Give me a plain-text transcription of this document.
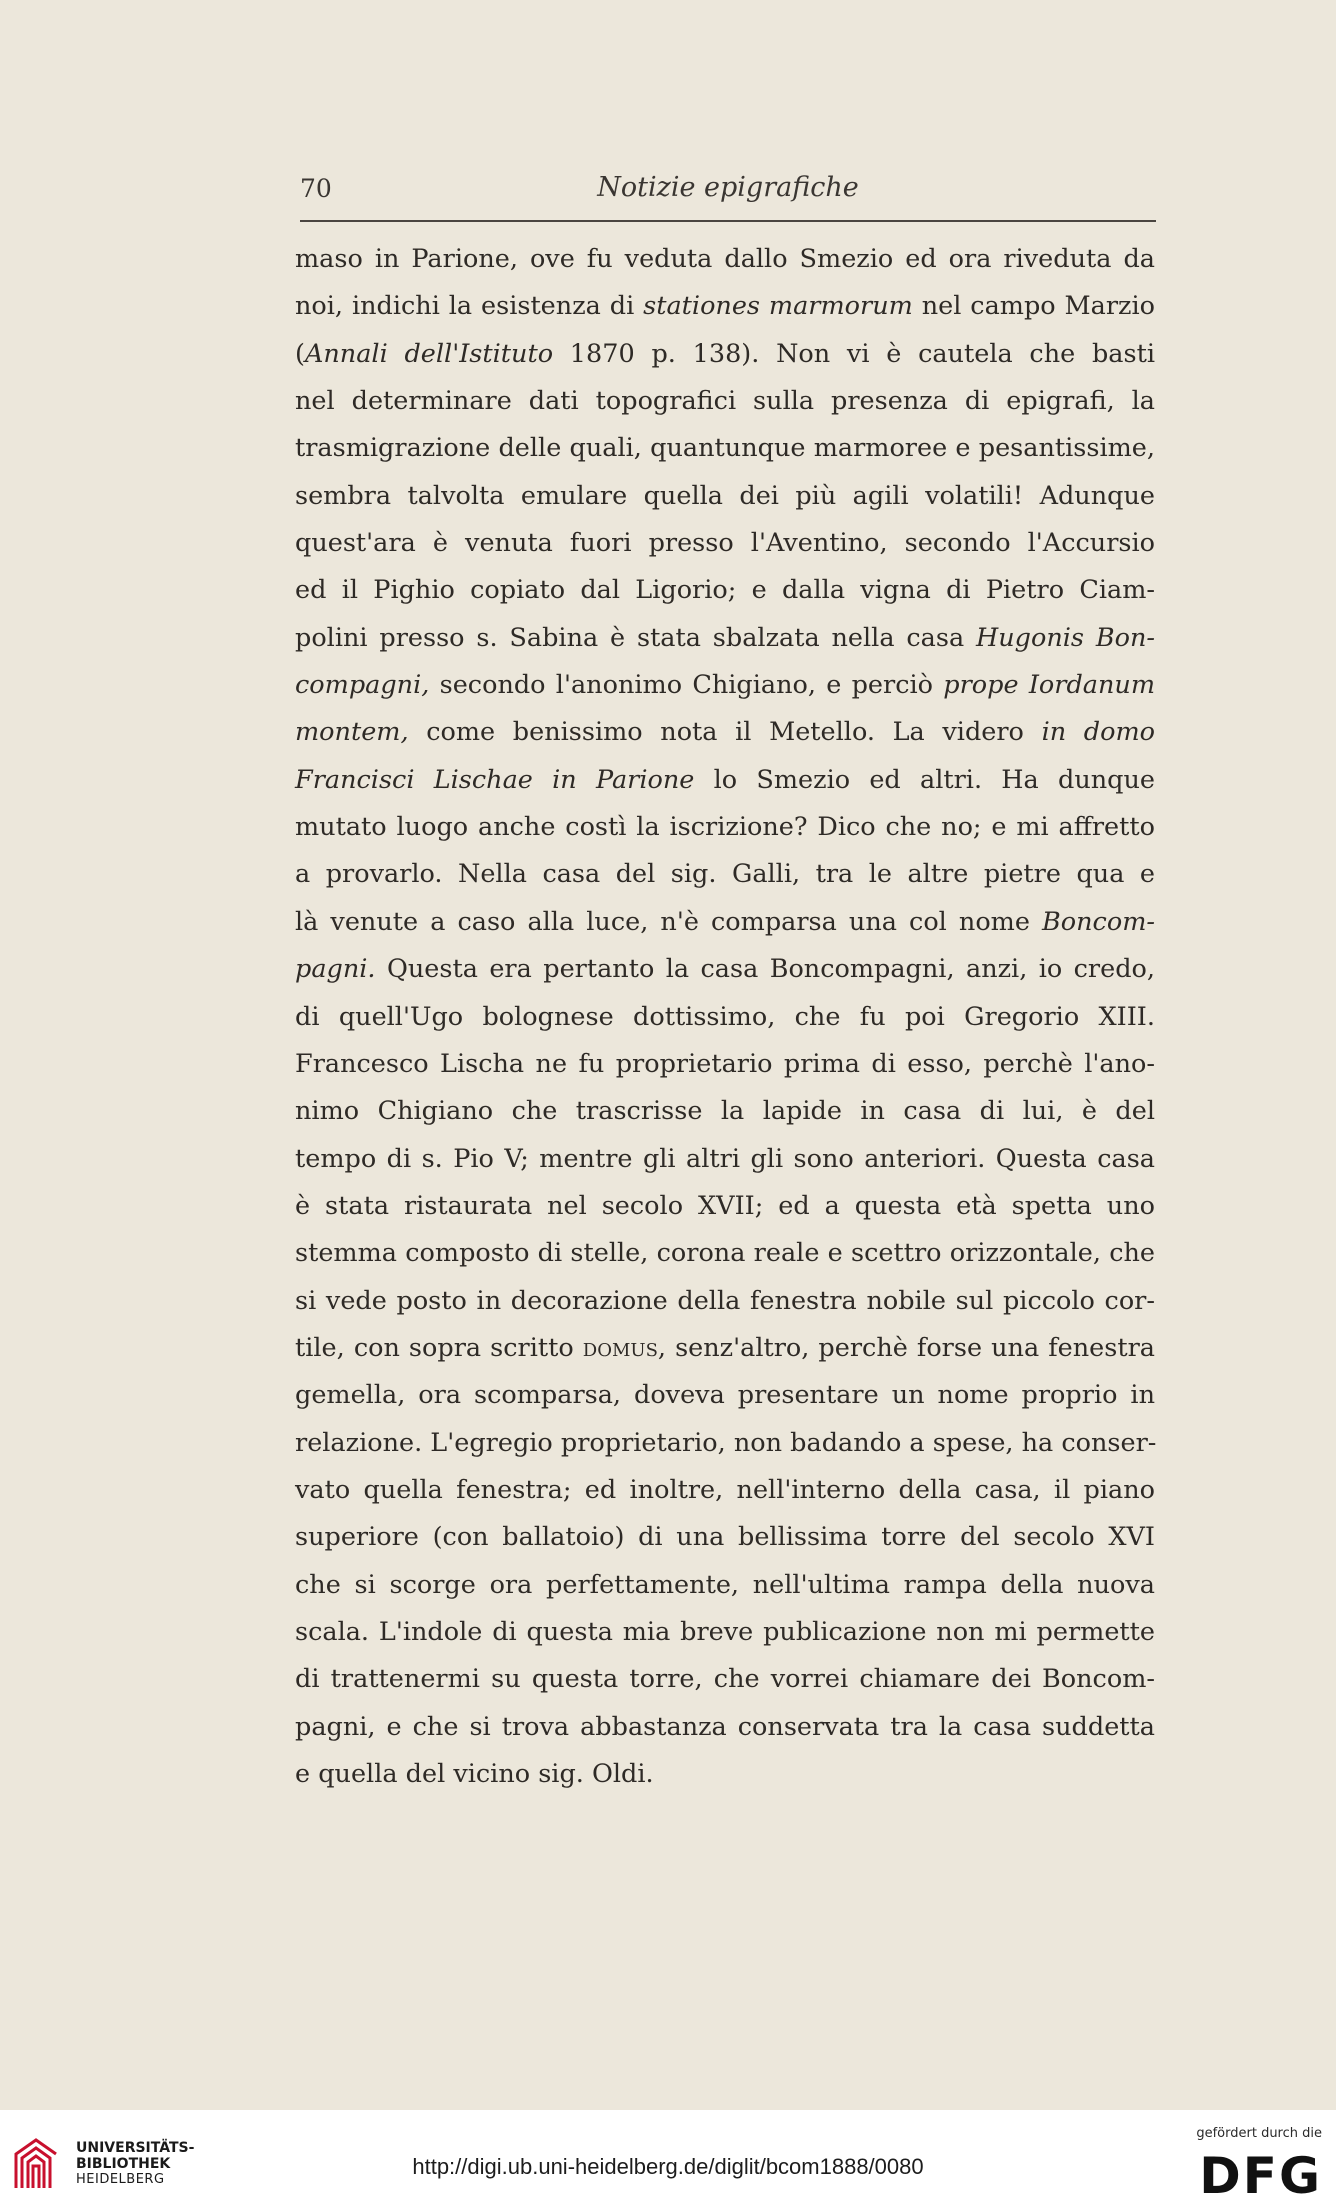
70	Notizie epigrafiche
maso in Parione, ove fu veduta dallo Smezio ed ora riveduta da
noi, indichi la esistenza di stationes marmorum nel campo Marzio
(Annali dell'Istituto 1870 p. 138). Non vi è cautela che basti
nel determinare dati topografici sulla presenza di epigrafi, la
trasmigrazione delle quali, quantunque marmoree e pesantissime,
sembra talvolta emulare quella dei più agili volatili! Adunque
quest'ara è venuta fuori presso l'Aventino, secondo l'Accursio
ed il Pighio copiato dal Ligorio; e dalla vigna di Pietro Ciam-
polini presso s. Sabina è stata sbalzata nella casa Hugonis Bon-
compagni, secondo l'anonimo Chigiano, e perciò prope Iordanum
montem, come benissimo nota il Metello. La videro in domo
Francisci Lischae in Parione lo Smezio ed altri. Ha dunque
mutato luogo anche costì la iscrizione? Dico che no; e mi affretto
a provarlo. Nella casa del sig. Galli, tra le altre pietre qua e
là venute a caso alla luce, n'è comparsa una col nome Boncom-
pagni. Questa era pertanto la casa Boncompagni, anzi, io credo,
di quell'Ugo bolognese dottissimo, che fu poi Gregorio XIII.
Francesco Lischa ne fu proprietario prima di esso, perchè l'ano-
nimo Chigiano che trascrisse la lapide in casa di lui, è del
tempo di s. Pio V; mentre gli altri gli sono anteriori. Questa casa
è stata ristaurata nel secolo XVII; ed a questa età spetta uno
stemma composto di stelle, corona reale e scettro orizzontale, che
si vede posto in decorazione della fenestra nobile sul piccolo cor-
tile, con sopra scritto domus, senz'altro, perchè forse una fenestra
gemella, ora scomparsa, doveva presentare un nome proprio in
relazione. L'egregio proprietario, non badando a spese, ha conser-
vato quella fenestra; ed inoltre, nell'interno della casa, il piano
superiore (con ballatoio) di una bellissima torre del secolo XVI
che si scorge ora perfettamente, nell'ultima rampa della nuova
scala. L'indole di questa mia breve publicazione non mi permette
di trattenermi su questa torre, che vorrei chiamare dei Boncom-
pagni, e che si trova abbastanza conservata tra la casa suddetta
e quella del vicino sig. Oldi.
UNIVERSITÄTS-
BIBLIOTHEK
HEIDELBERG
http://digi.ub.uni-heidelberg.de/diglit/bcom1888/0080
gefördert durch die
DFG
